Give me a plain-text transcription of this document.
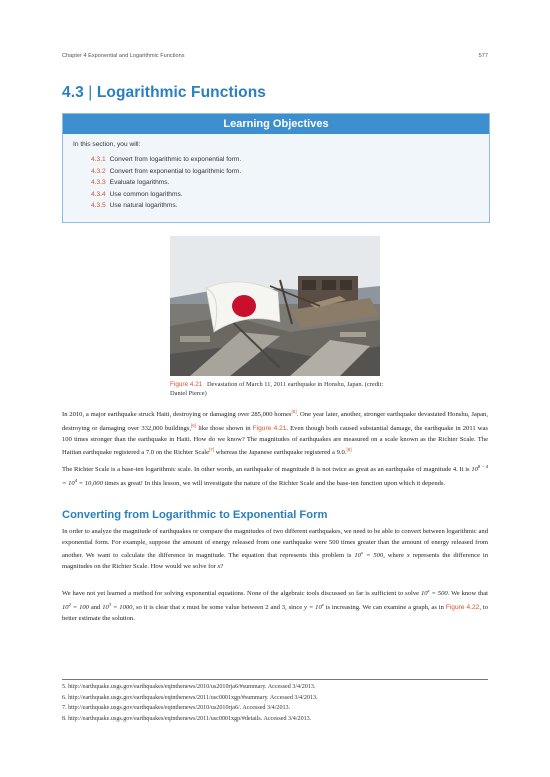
Chapter 4 Exponential and Logarithmic Functions	577
4.3 | Logarithmic Functions
Learning Objectives
In this section, you will:
4.3.1 Convert from logarithmic to exponential form.
4.3.2 Convert from exponential to logarithmic form.
4.3.3 Evaluate logarithms.
4.3.4 Use common logarithms.
4.3.5 Use natural logarithms.
Figure 4.21 Devastation of March 11, 2011 earthquake in Honshu, Japan. (credit: Daniel Pierce)
In 2010, a major earthquake struck Haiti, destroying or damaging over 285,000 homes[5]. One year later, another, stronger earthquake devastated Honshu, Japan, destroying or damaging over 332,000 buildings,[6] like those shown in Figure 4.21. Even though both caused substantial damage, the earthquake in 2011 was 100 times stronger than the earthquake in Haiti. How do we know? The magnitudes of earthquakes are measured on a scale known as the Richter Scale. The Haitian earthquake registered a 7.0 on the Richter Scale[7] whereas the Japanese earthquake registered a 9.0.[8]
The Richter Scale is a base-ten logarithmic scale. In other words, an earthquake of magnitude 8 is not twice as great as an earthquake of magnitude 4. It is $10^{8 - 4} = 10^4 = 10,000$ times as great! In this lesson, we will investigate the nature of the Richter Scale and the base-ten function upon which it depends.
Converting from Logarithmic to Exponential Form
In order to analyze the magnitude of earthquakes or compare the magnitudes of two different earthquakes, we need to be able to convert between logarithmic and exponential form. For example, suppose the amount of energy released from one earthquake were 500 times greater than the amount of energy released from another. We want to calculate the difference in magnitude. The equation that represents this problem is $10^x = 500$, where x represents the difference in magnitudes on the Richter Scale. How would we solve for x?
We have not yet learned a method for solving exponential equations. None of the algebraic tools discussed so far is sufficient to solve $10^x = 500$. We know that $10^2 = 100$ and $10^3 = 1000$, so it is clear that x must be some value between 2 and 3, since $y = 10^x$ is increasing. We can examine a graph, as in Figure 4.22, to better estimate the solution.
5. http://earthquake.usgs.gov/earthquakes/eqinthenews/2010/us2010rja6/#summary. Accessed 3/4/2013.
6. http://earthquake.usgs.gov/earthquakes/eqinthenews/2011/usc0001xgp/#summary. Accessed 3/4/2013.
7. http://earthquake.usgs.gov/earthquakes/eqinthenews/2010/us2010rja6/. Accessed 3/4/2013.
8. http://earthquake.usgs.gov/earthquakes/eqinthenews/2011/usc0001xgp/#details. Accessed 3/4/2013.
